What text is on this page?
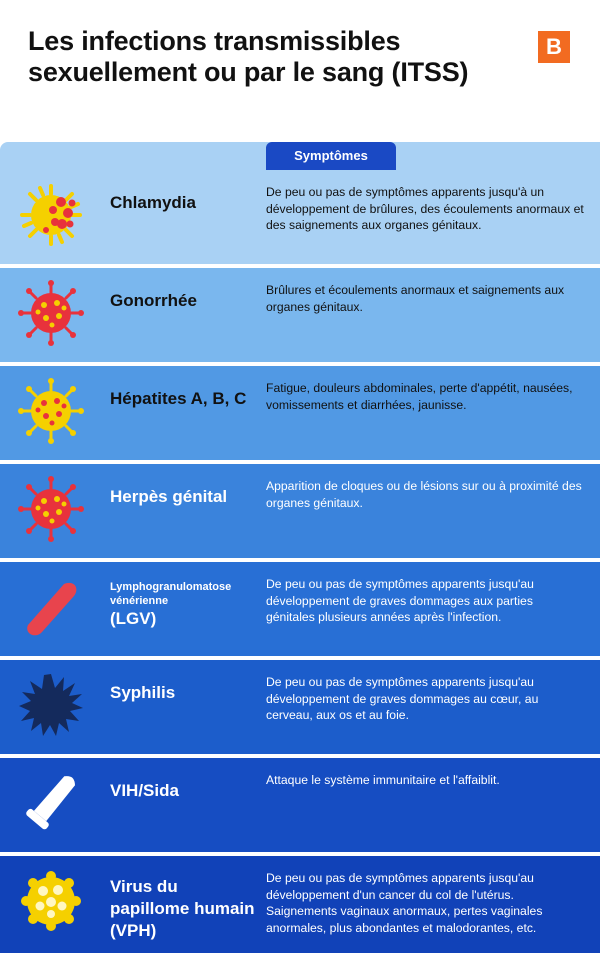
Les infections transmissibles sexuellement ou par le sang (ITSS)
B
Symptômes
Chlamydia
De peu ou pas de symptômes apparents jusqu'à un développement de brûlures, des écoulements anormaux et des saignements aux organes génitaux.
Gonorrhée
Brûlures et écoulements anormaux et saignements aux organes génitaux.
Hépatites A, B, C
Fatigue, douleurs abdominales, perte d'appétit, nausées, vomissements et diarrhées, jaunisse.
Herpès génital
Apparition de cloques ou de lésions sur ou à proximité des organes génitaux.
Lymphogranulomatose vénérienne
(LGV)
De peu ou pas de symptômes apparents jusqu'au développement de graves dommages aux parties génitales plusieurs années après l'infection.
Syphilis
De peu ou pas de symptômes apparents jusqu'au développement de graves dommages au cœur, au cerveau, aux os et au foie.
VIH/Sida
Attaque le système immunitaire et l'affaiblit.
Virus du papillome humain (VPH)
De peu ou pas de symptômes apparents jusqu'au développement d'un cancer du col de l'utérus. Saignements vaginaux anormaux, pertes vaginales anormales, plus abondantes et malodorantes, etc.
